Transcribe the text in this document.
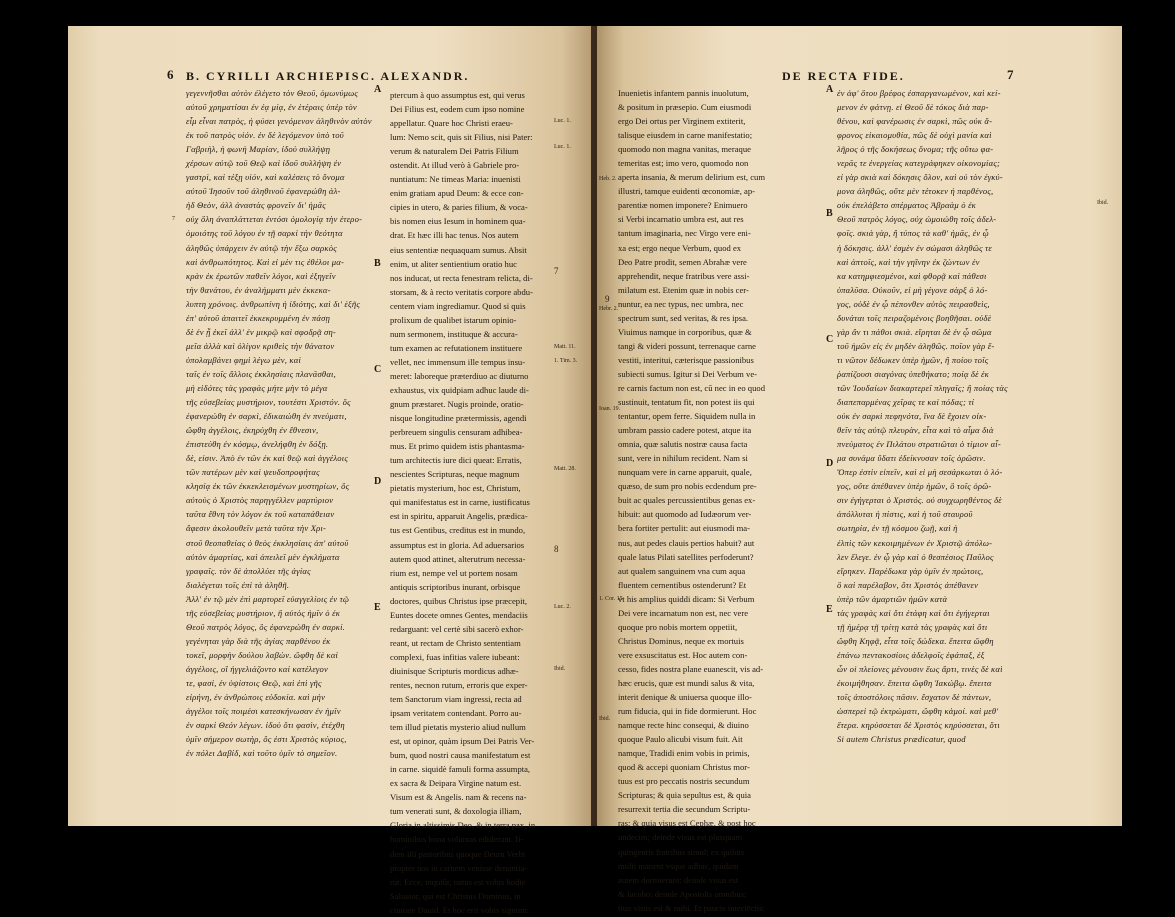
B. CYRILLI ARCHIEPISC. ALEXANDR.
6
γεγεννῆσθαι αὐτὸν ἐλέγετο τὸν Θεοῦ, ὁμωνύμως
αὐτοῦ χρηματίσαι ἐν ἐᾳ μίᾳ, ἐν ἑτέραις ὑπὲρ τὸν
εἶμ εἶναι πατρὸς, ἡ φύσει γενόμενον ἀληθινὸν αὐτὸν
ἐκ τοῦ πατρὸς υἱόν. ἐν δὲ λεγόμενον ὑπὸ τοῦ
Γαβριὴλ, ἡ φωνὴ Μαρίαν, ἰδοὺ συλλήψῃ
χέρσων αὐτῷ τοῦ Θεῷ καὶ ἰδοῦ συλλήψη ἐν
γαστρὶ, καὶ τέξῃ υἱόν, καὶ καλέσεις τὸ ὄνομα
αὐτοῦ Ἰησοῦν τοῦ ἀληθινοῦ ἐφανερώθη ἀλ-
ἠδ Θεὸν, ἀλλ ἀναστὰς φρονεῖν δι' ἡμᾶς
οὐχ ὅλη ἀναπλάττεται ἐντόσι ὁμολογίᾳ τὴν ἑτερο-
ὁμοιότης τοῦ λόγου ἐν τῇ σαρκὶ τὴν θεότητα
ἀληθῶς ὑπάρχειν ἐν αὐτῷ τὴν ἔξω σαρκὸς
καὶ ἀνθρωπότητος. Καὶ εἰ μὲν τις ἐθέλοι μα-
κρὰν ἐκ ἐρωτῶν παθεῖν λόγοι, καὶ ἐξηγεῖν
τὴν θανάτου, ἐν ἀναλήμματι μὲν ἐκκεκα-
λυπτη χρόνοις. ἀνθρωπίνη ἡ ἰδιότης, καὶ δι' ἑξῆς
ἐπ' αὐτοῦ ἀπαιτεῖ ἐκκεκρυμμένη ἐν πάσῃ
δὲ ἐν ᾗ ἐκεῖ ἀλλ' ἐν μικρῷ καὶ σφοδρᾷ ση-
μεῖα ἀλλὰ καὶ ὀλίγον κριθεὶς τὴν θάνατον
ὑπολαμβάνει φημὶ λέγω μὲν, καὶ
ταῖς ἐν τοῖς ἄλλοις ἐκκλησίαις πλανᾶσθαι,
μὴ εἰδότες τὰς γραφὰς μήτε μὴν τὸ μέγα
τῆς εὐσεβείας μυστήριον, τουτέστι Χριστόν. ὅς
ἐφανερώθη ἐν σαρκὶ, ἐδικαιώθη ἐν πνεύματι,
ὤφθη ἀγγέλοις, ἐκηρύχθη ἐν ἔθνεσιν,
ἐπιστεύθη ἐν κόσμῳ, ἀνελήφθη ἐν δόξῃ.
δὲ, εἰσιν. Ἀπὸ ἐν τῶν ἐκ καὶ θεῷ καὶ ἀγγέλοις
τῶν πατέρων μὲν καὶ ψευδοπροφήτας
κλησίᾳ ἐκ τῶν ἐκκεκλεισμένων μυστηρίων, ὅς
αὐτοὺς ὁ Χριστὸς παρηγγέλλεν μαρτύριον
ταῦτα ἔθνη τὸν λόγον ἐκ τοῦ καταπάθειαν
ἄφεσιν ἀκολουθεῖν μετὰ ταῦτα τὴν Χρι-
στοῦ θεοπαθείας ὁ θεὸς ἐκκλησίαις ἀπ' αὐτοῦ
αὐτὸν ἁμαρτίας, καὶ ἀπειλεῖ μὲν ἐγκλήματα
γραφαῖς. τὸν δὲ ἀπολλύει τῆς ἀγίας
διαλέγεται τοῖς ἐπὶ τὰ ἀληθῆ.
Ἀλλ' ἐν τῷ μὲν ἐπὶ μαρτυρεῖ εὐαγγελίοις ἐν τῷ
τῆς εὐσεβείας μυστήριον, ἢ αὐτὸς ἡμῖν ὁ ἐκ
Θεοῦ πατρὸς λόγος, ὃς ἐφανερώθη ἐν σαρκί.
γεγένηται γὰρ διὰ τῆς ἁγίας παρθένου ἐκ
τοκεῖ, μορφὴν δούλου λαβὼν. ὤφθη δὲ καὶ
ἀγγέλοις, οἳ ἠγγελιάζοντο καὶ κατέλεγον
τε, φασὶ, ἐν ὑψίστοις Θεῷ, καὶ ἐπὶ γῆς
εἰρήνη, ἐν ἀνθρώποις εὐδοκία. καὶ μὴν
ἀγγέλοι τοῖς ποιμέσι κατεσκήνωσαν ἐν ἡμῖν
ἐν σαρκὶ Θεόν λέγων. ἰδοὺ ὅτι φασὶν, ἐτέχθη
ὑμῖν σήμερον σωτὴρ, ὅς ἐστι Χριστὸς κύριος,
ἐν πόλει Δαβίδ, καὶ τοῦτο ὑμῖν τὸ σημεῖον.
ptercum à quo assumptus est, qui verus
Dei Filius est, eodem cum ipso nomine
appellatur. Quare hoc Christi eraeu-
lum: Nemo scit, quis sit Filius, nisi Pater:
verum & naturalem Dei Patris Filium
ostendit. At illud verò à Gabriele pro-
nuntiatum: Ne timeas Maria: inuenisti
enim gratiam apud Deum: & ecce con-
cipies in utero, & paries filium, & voca-
bis nomen eius Iesum in hominem qua-
drat. Et hæc illi hac tenus. Nos autem
eius sententiæ nequaquam sumus. Absit
enim, ut aliter sentientium oratio huc
nos inducat, ut recta fenestram relicta, di-
storsam, & à recto veritatis corpore abdu-
centem viam ingrediamur. Quod si quis
prolixum de qualibet istarum opinio-
num sermonem, instituque & accura-
tum examen ac refutationem instituere
vellet, nec immensum ille tempus insu-
meret: laboreque præterdiuo ac diuturno
exhaustus, vix quidpiam adhuc laude di-
gnum præstaret. Nugis proinde, oratio-
nisque longitudine prætermissis, agendi
perbreuem singulis censuram adhibea-
mus. Et primo quidem istis phantasma-
tum architectis iure dici queat: Erratis,
nescientes Scripturas, neque magnum
pietatis mysterium, hoc est, Christum,
qui manifestatus est in carne, iustificatus
est in spiritu, apparuit Angelis, prædica-
tus est Gentibus, creditus est in mundo,
assumptus est in gloria. Ad aduersarios
autem quod attinet, alterutrum necessa-
rium est, nempe vel ut portem nosam
antiquis scriptoribus inurant, orbisque
doctores, quibus Christus ipse præcepit,
Euntes docete omnes Gentes, mendaciis
redarguant: vel certè sibi sacerò exhor-
reant, ut rectam de Christo sententiam
complexi, fuas infitias valere iubeant:
diuinisque Scripturis mordicus adhæ-
rentes, necnon rutum, erroris que exper-
tem Sanctorum viam ingressi, recta ad
ipsam veritatem contendant. Porro au-
tem illud pietatis mysterio aliud nullum
est, ut opinor, quàm ipsum Dei Patris Ver-
bum, quod nostri causa manifestatum est
in carne. siquidè famuli forma assumpta,
ex sacra & Deipara Virgine natum est.
Visum est & Angelis. nam & recens na-
tum venerati sunt, & doxologia illiam,
Gloria in altissimis Deo, & in terra pax, in
hominibus bona voluntas ediderunt. Ii-
dem illi pastoribus quoque Deum Verbi
propter nos in carnem venisse denuntia-
rüt: Ecce, inquiūt, natus est vobis hodie
Saluator, qui est Christus Dominus, in
ciuitate Dauid. Et hoc erit vobis signum:
A
B
C
D
E
7
7
8
Luc. 1.
Luc. 1.
Matt. 11.
1. Tim. 3.
Matt. 28.
Luc. 2.
Ibid.
DE RECTA FIDE.	7
Inuenietis infantem pannis inuolutum,
& positum in præsepio. Cum eiusmodi
ergo Dei ortus per Virginem extiterit,
talisque eiusdem in carne manifestatio;
quomodo non magna vanitas, meraque
temeritas est; imo vero, quomodo non
aperta insania, & merum delirium est, cum
illustri, tamque euidenti œconomiæ, ap-
parentiæ nomen imponere? Enimuero
si Verbi incarnatio umbra est, aut res
tantum imaginaria, nec Virgo vere eni-
xa est; ergo neque Verbum, quod ex
Deo Patre prodit, semen Abrahæ vere
apprehendit, neque fratribus vere assi-
milatum est. Etenim quæ in nobis cer-
nuntur, ea nec typus, nec umbra, nec
spectrum sunt, sed veritas, & res ipsa.
Viuimus namque in corporibus, quæ &
tangi & videri possunt, terrenaque carne
vestiti, interitui, cæterisque passionibus
subiecti sumus. Igitur si Dei Verbum ve-
re carnis factum non est, cū nec in eo quod
sustinuit, tentatum fit, non potest iis qui
tentantur, opem ferre. Siquidem nulla in
umbram passio cadere potest, atque ita
omnia, quæ salutis nostræ causa facta
sunt, vere in nihilum recident. Nam si
nunquam vere in carne apparuit, quale,
quæso, de sum pro nobis ecdendum pre-
buit ac quales percussientibus genas ex-
hibuit: aut quomodo ad Iudæorum ver-
bera fortiter pertulit: aut eiusmodi ma-
nus, aut pedes clauis pertios habuit? aut
quale latus Pilati satellites perfoderunt?
aut qualem sanguinem vna cum aqua
fluentem cernentibus ostenderunt? Et
vt his amplius quiddi dicam: Si Verbum
Dei vere incarnatum non est, nec vere
quoque pro nobis mortem oppetiit,
Christus Dominus, neque ex mortuis
vere exsuscitatus est. Hoc autem con-
cesso, fides nostra plane euanescit, vis ad-
hæc erucis, quæ est mundi salus & vita,
interit denique & uniuersa quoque illo-
rum fiducia, qui in fide dormierunt. Hoc
namque recte hinc consequi, & diuino
quoque Paulo alicubi visum fuit. Ait
namque, Tradidi enim vobis in primis,
quod & accepi quoniam Christus mor-
tuus est pro peccatis nostris secundum
Scripturas; & quia sepultus est, & quia
resurrexit tertia die secundum Scriptu-
ras; & quia visus est Cephæ, & post hoc
undecim; deinde visus est plusquam
quingentis fratribus simul; ex quibus
multi manent vsque adhuc, quidam
autem dormierunt: deinde visus est
& Iacobo: deinde Apostolis omnibus;
tiuo visus est & mihi. Et paucis intecie̅ctis:
ἐν ἀφ' ὅτου βρέφος ἐσπαργανωμένον, καὶ κεί-
μενον ἐν φάτνῃ. εἰ Θεοῦ δὲ τόκος διὰ παρ-
θένου, καὶ φανέρωσις ἐν σαρκὶ, πῶς οὐκ ἄ-
φρονος εἰκαιομυθία, πῶς δὲ οὐχὶ μανία καὶ
λῆρος ὁ τῆς δοκήσεως ὄνομα; τῆς οὕτω φα-
νερᾶς τε ἐνεργείας κατεγράφηκεν οἰκονομίας;
εἰ γὰρ σκιὰ καὶ δόκησις ὅλον, καὶ οὐ τὸν ἐγκύ-
μονα ἀληθῶς, οὔτε μὲν τέτοκεν ἡ παρθένος,
οὐκ ἐπελάβετο σπέρματος Ἀβραὰμ ὁ ἐκ
Θεοῦ πατρὸς λόγος, οὐχ ὡμοιώθη τοῖς ἀδελ-
φοῖς. σκιὰ γὰρ, ἢ τύπος τὰ καθ' ἡμᾶς, ἐν ᾧ
ἡ δόκησις. ἀλλ' ἐσμὲν ἐν σώμασι ἀληθῶς τε
καὶ ἁπτοῖς, καὶ τὴν γηΐνην ἐκ ζώντων ἐν
κα κατημφιεσμένοι, καὶ φθορᾷ καὶ πάθεσι
ὑπαλῦσα. Οὐκοῦν, εἰ μὴ γέγονε σὰρξ ὁ λό-
γος, οὐδὲ ἐν ᾧ πέπονθεν αὐτὸς πειρασθεὶς,
δυνάται τοῖς πειραζομένοις βοηθῆσαι. οὐδὲ
γὰρ ἄν τι πάθοι σκιὰ. εἴρηται δὲ ἐν ᾧ σῶμα
τοῦ ἡμῶν εἰς ἐν μηδὲν ἀληθῶς. ποῖον γὰρ ἔ-
τι νῶτον δέδωκεν ὑπὲρ ἡμῶν, ἢ ποίου τοῖς
ῥαπίζουσι σιαγόνας ὑπεθήκατο; ποίᾳ δὲ ἐκ
τῶν Ἰουδαίων διακαρτερεῖ πληγαῖς; ἢ ποίας τὰς
διαπεπαρμένας χεῖρας τε καὶ πόδας; τί
οὐκ ἐν σαρκὶ πεφηνότα, ἵνα δὲ ἔχοιεν οἰκ-
θεῖν τὰς αὐτῷ πλευρὰν, εἶτα καὶ τὸ αἷμα διὰ
πνεύματος ἐν Πιλάτου στρατιῶται ὁ τίμιον αἷ-
μα συνάμα ὕδατι ἐδείκνυσαν τοῖς ὁρῶσιν.
Ὅπερ ἐστὶν εἰπεῖν, καὶ εἰ μὴ σεσάρκωται ὁ λό-
γος, οὔτε ἀπέθανεν ὑπὲρ ἡμῶν, ὃ τοῖς ὁρῶ-
σιν ἐγήγερται ὁ Χριστός. οὐ συγχωρηθέντος δὲ
ἀπόλλυται ἡ πίστις, καὶ ἡ τοῦ σταυροῦ
σωτηρία, ἐν τῇ κόσμου ζωῇ, καὶ ἡ
ἐλπὶς τῶν κεκοιμημένων ἐν Χριστῷ ἀπόλω-
λεν ἔλεγε. ἐν ᾧ γὰρ καὶ ὁ θεσπέσιος Παῦλος
εἴρηκεν. Παρέδωκα γὰρ ὑμῖν ἐν πρώτοις,
ὃ καὶ παρέλαβον, ὅτι Χριστὸς ἀπέθανεν
ὑπὲρ τῶν ἁμαρτιῶν ἡμῶν κατὰ
τὰς γραφὰς καὶ ὅτι ἐτάφη καὶ ὅτι ἐγήγερται
τῇ ἡμέρᾳ τῇ τρίτῃ κατὰ τὰς γραφὰς καὶ ὅτι
ὤφθη Κηφᾷ, εἶτα τοῖς δώδεκα. ἔπειτα ὤφθη
ἐπάνω πεντακοσίοις ἀδελφοῖς ἐφάπαξ, ἐξ
ὧν οἱ πλείονες μένουσιν ἕως ἄρτι, τινὲς δὲ καὶ
ἐκοιμήθησαν. ἔπειτα ὤφθη Ἰακώβῳ. ἔπειτα
τοῖς ἀποστόλοις πᾶσιν. ἔσχατον δὲ πάντων,
ὡσπερεὶ τῷ ἐκτρώματι, ὤφθη κἀμοί. καὶ μεθ'
ἕτερα. κηρύσσεται δὲ Χριστὸς κηρύσσεται, ὅτι
Si autem Christus prædicatur, quod
A
B
C
D
E
Heb. 2.
9
Hebr. 2.
Ioan. 19.
1. Cor. 15.
Ibid.
Ibid.
